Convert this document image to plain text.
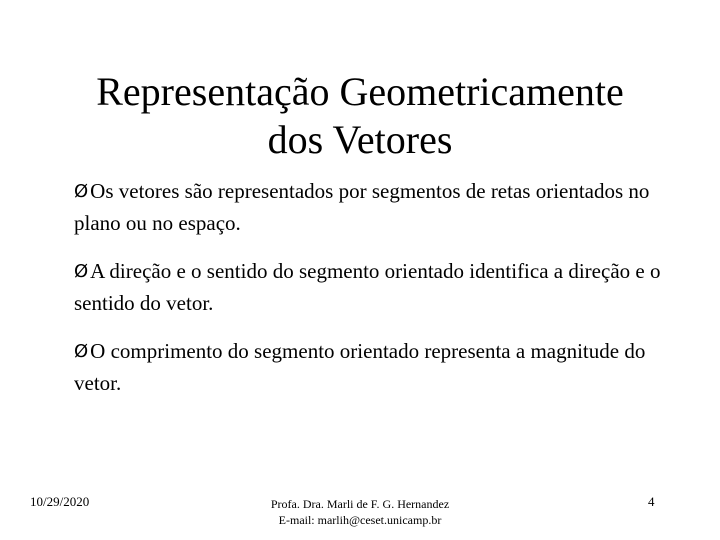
Representação Geometricamente
dos Vetores

ØOs vetores são representados por segmentos de retas orientados no plano ou no espaço.

ØA direção e o sentido do segmento orientado identifica a direção e o sentido do vetor.

ØO comprimento do segmento orientado representa a magnitude do vetor.

10/29/2020	Profa. Dra. Marli de F. G. Hernandez
E-mail: marlih@ceset.unicamp.br
4
